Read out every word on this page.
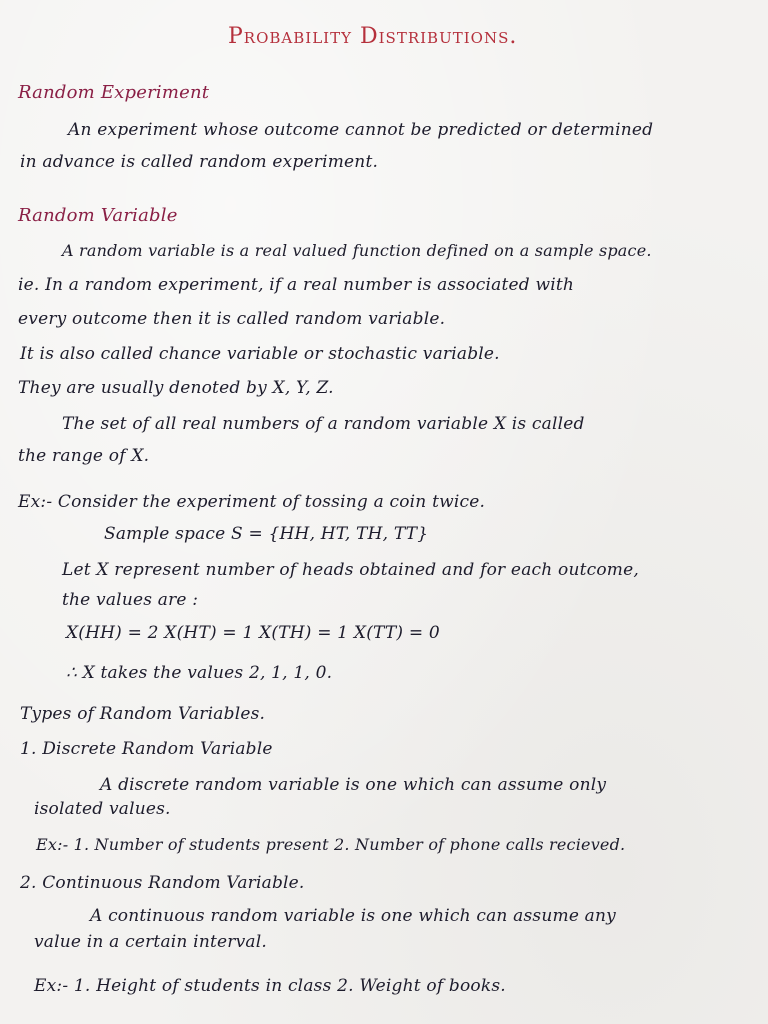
Probability Distributions.
Random Experiment
An experiment whose outcome cannot be predicted or determined
in advance is called random experiment.
Random Variable
A random variable is a real valued function defined on a sample space.
ie. In a random experiment, if a real number is associated with
every outcome then it is called random variable.
It is also called chance variable or stochastic variable.
They are usually denoted by X, Y, Z.
The set of all real numbers of a random variable X is called
the range of X.
Ex:- Consider the experiment of tossing a coin twice.
Sample space S = {HH, HT, TH, TT}
Let X represent number of heads obtained and for each outcome,
the values are :
X(HH) = 2 X(HT) = 1 X(TH) = 1 X(TT) = 0
∴ X takes the values 2, 1, 1, 0.
Types of Random Variables.
1. Discrete Random Variable
A discrete random variable is one which can assume only
isolated values.
Ex:- 1. Number of students present 2. Number of phone calls recieved.
2. Continuous Random Variable.
A continuous random variable is one which can assume any
value in a certain interval.
Ex:- 1. Height of students in class 2. Weight of books.
